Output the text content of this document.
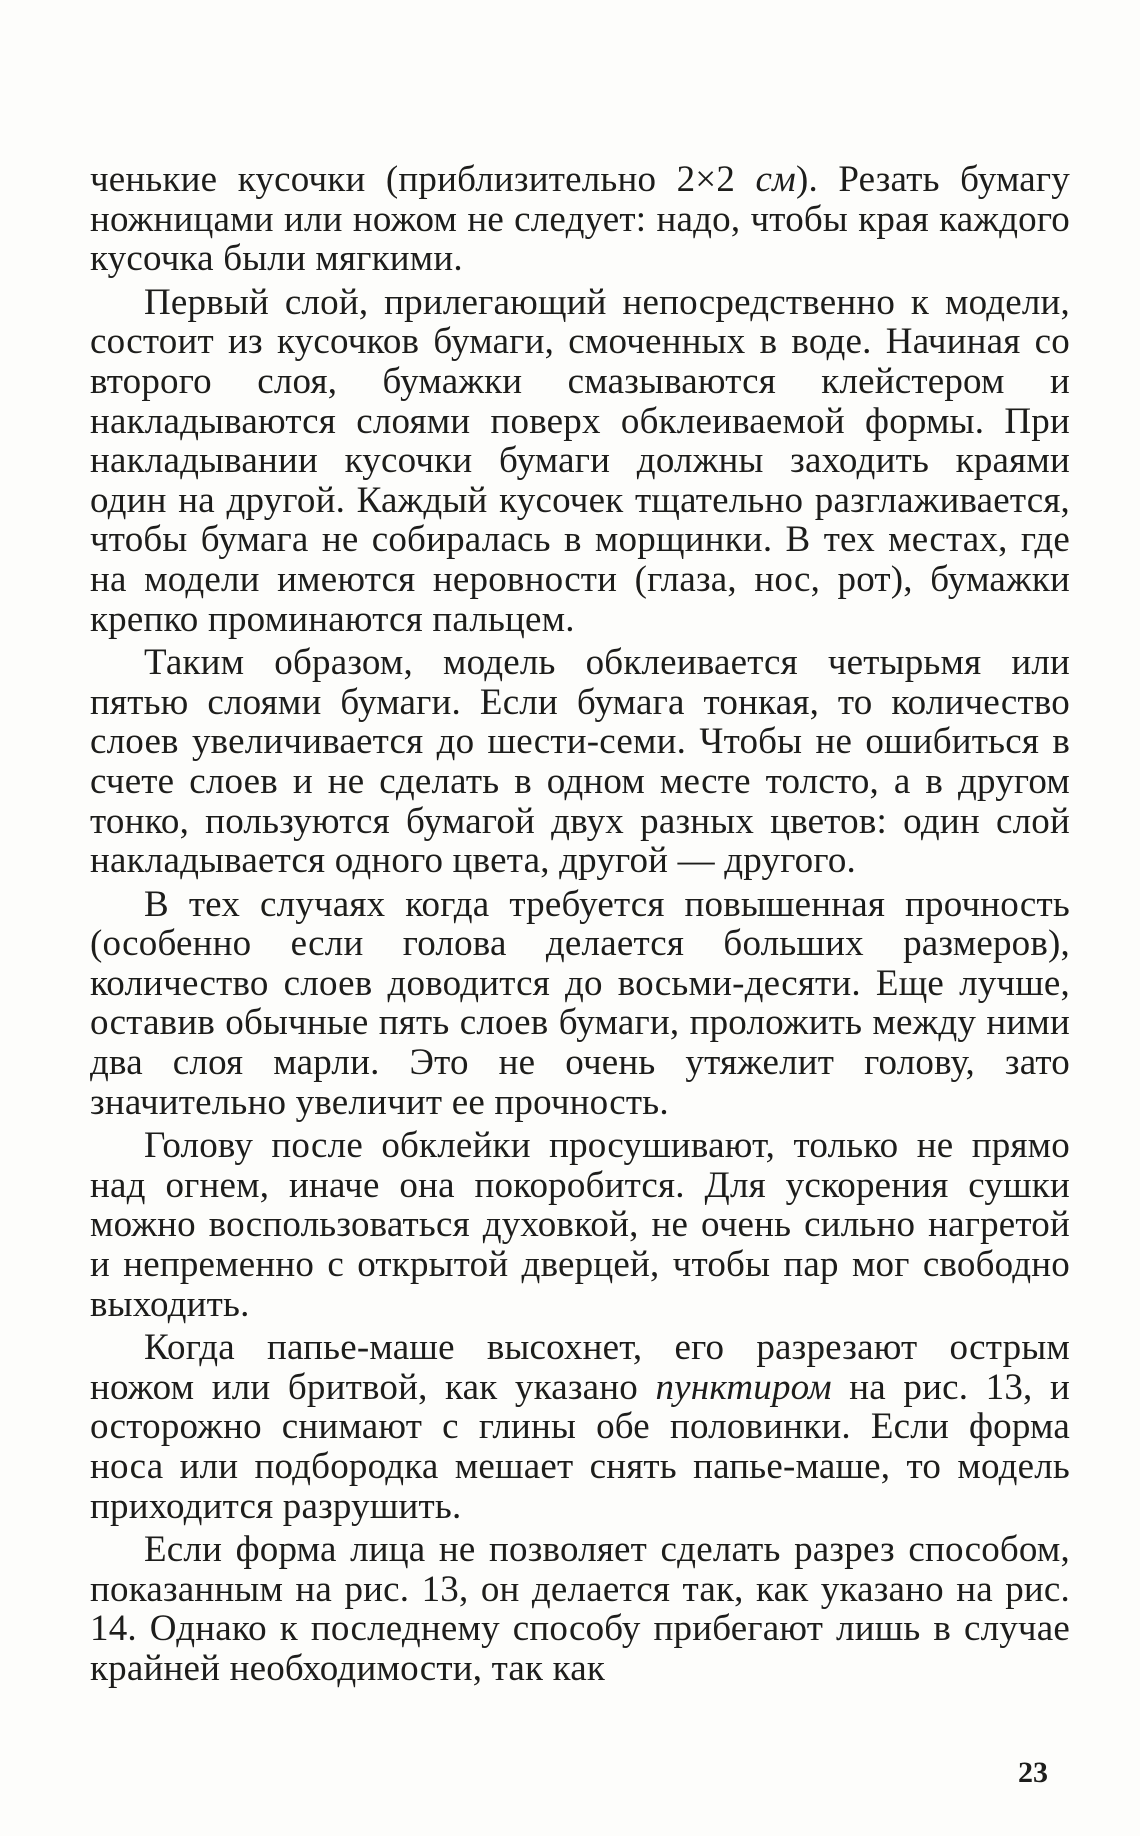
ченькие кусочки (приблизительно 2×2 см). Резать бумагу ножницами или ножом не следует: надо, чтобы края каждого кусочка были мягкими.

Первый слой, прилегающий непосредственно к модели, состоит из кусочков бумаги, смоченных в воде. Начиная со второго слоя, бумажки смазываются клейстером и накладываются слоями поверх обклеиваемой формы. При накладывании кусочки бумаги должны заходить краями один на другой. Каждый кусочек тщательно разглаживается, чтобы бумага не собиралась в морщинки. В тех местах, где на модели имеются неровности (глаза, нос, рот), бумажки крепко проминаются пальцем.

Таким образом, модель обклеивается четырьмя или пятью слоями бумаги. Если бумага тонкая, то количество слоев увеличивается до шести-семи. Чтобы не ошибиться в счете слоев и не сделать в одном месте толсто, а в другом тонко, пользуются бумагой двух разных цветов: один слой накладывается одного цвета, другой — другого.

В тех случаях когда требуется повышенная прочность (особенно если голова делается больших размеров), количество слоев доводится до восьми-десяти. Еще лучше, оставив обычные пять слоев бумаги, проложить между ними два слоя марли. Это не очень утяжелит голову, зато значительно увеличит ее прочность.

Голову после обклейки просушивают, только не прямо над огнем, иначе она покоробится. Для ускорения сушки можно воспользоваться духовкой, не очень сильно нагретой и непременно с открытой дверцей, чтобы пар мог свободно выходить.

Когда папье-маше высохнет, его разрезают острым ножом или бритвой, как указано пунктиром на рис. 13, и осторожно снимают с глины обе половинки. Если форма носа или подбородка мешает снять папье-маше, то модель приходится разрушить.

Если форма лица не позволяет сделать разрез способом, показанным на рис. 13, он делается так, как указано на рис. 14. Однако к последнему способу прибегают лишь в случае крайней необходимости, так как

23
